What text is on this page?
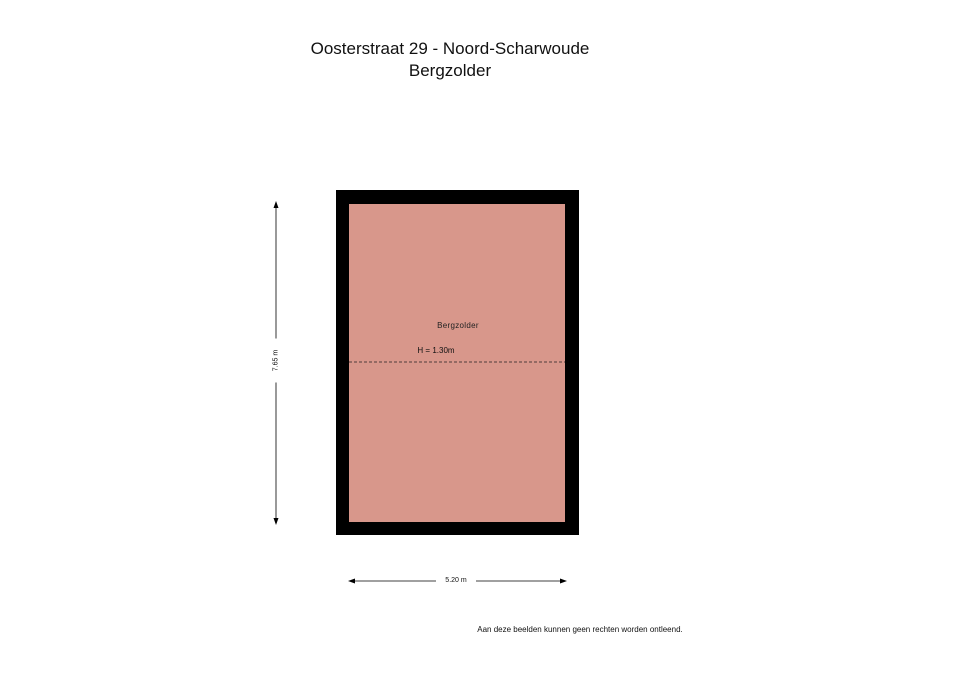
Oosterstraat 29 - Noord-Scharwoude
Bergzolder
Bergzolder
H = 1.30m
7.65 m
5.20 m
Aan deze beelden kunnen geen rechten worden ontleend.
